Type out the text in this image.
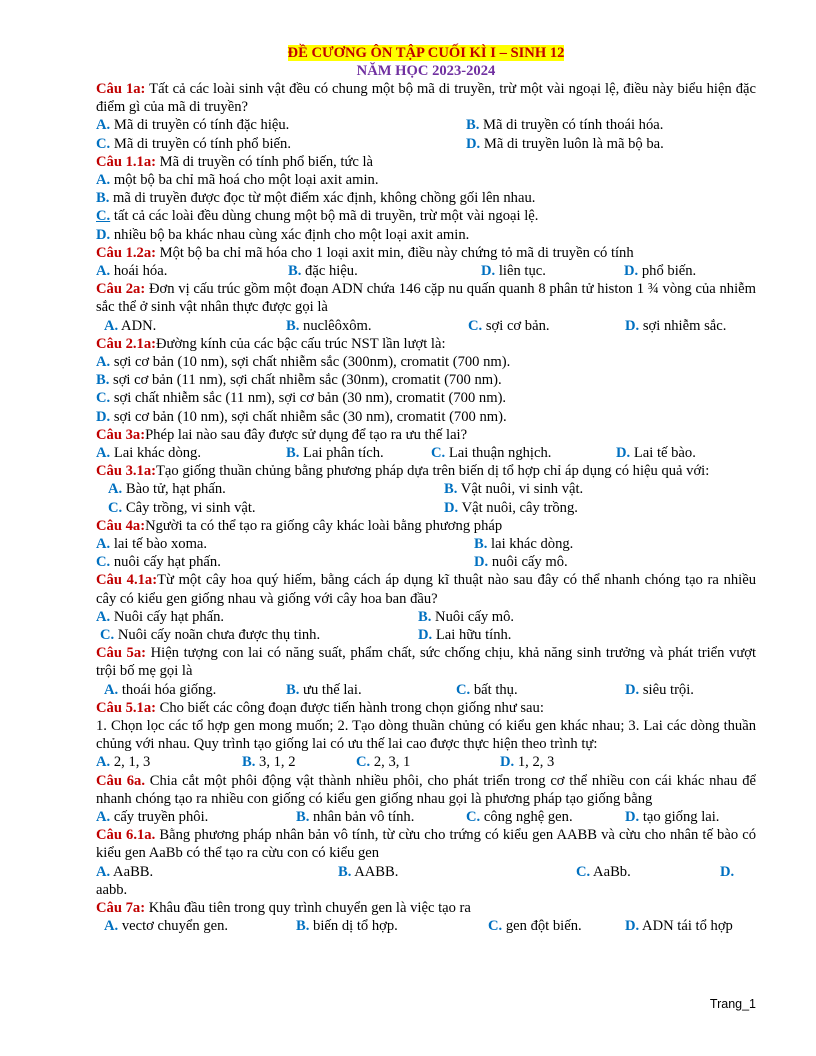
ĐỀ CƯƠNG ÔN TẬP CUỐI KÌ I – SINH 12
NĂM HỌC 2023-2024
Câu 1a: Tất cả các loài sinh vật đều có chung một bộ mã di truyền, trừ một vài ngoại lệ, điều này biểu hiện đặc điểm gì của mã di truyền?
A. Mã di truyền có tính đặc hiệu.	B. Mã di truyền có tính thoái hóa.
C. Mã di truyền có tính phổ biến.	D. Mã di truyền luôn là mã bộ ba.
Câu 1.1a: Mã di truyền có tính phổ biến, tức là
A. một bộ ba chỉ mã hoá cho một loại axit amin.
B. mã di truyền được đọc từ một điểm xác định, không chồng gối lên nhau.
C. tất cả các loài đều dùng chung một bộ mã di truyền, trừ một vài ngoại lệ.
D. nhiều bộ ba khác nhau cùng xác định cho một loại axit amin.
Câu 1.2a: Một bộ ba chỉ mã hóa cho 1 loại axit min, điều này chứng tỏ mã di truyền có tính
A. hoái hóa.	B. đặc hiệu.	D. liên tục.	D. phổ biến.
Câu 2a: Đơn vị cấu trúc gồm một đoạn ADN chứa 146 cặp nu quấn quanh 8 phân tử histon 1 ¾ vòng của nhiễm sắc thể ở sinh vật nhân thực được gọi là
A. ADN.	B. nuclêôxôm.	C. sợi cơ bản.	D. sợi nhiễm sắc.
Câu 2.1a:Đường kính của các bậc cấu trúc NST lần lượt là:
A. sợi cơ bản (10 nm), sợi chất nhiễm sắc (300nm), cromatit (700 nm).
B. sợi cơ bản (11 nm), sợi chất nhiễm sắc (30nm), cromatit (700 nm).
C. sợi chất nhiễm sắc (11 nm), sợi cơ bản (30 nm), cromatit (700 nm).
D. sợi cơ bản (10 nm), sợi chất nhiễm sắc (30 nm), cromatit (700 nm).
Câu 3a:Phép lai nào sau đây được sử dụng để tạo ra ưu thế lai?
A. Lai khác dòng.	B. Lai phân tích.	C. Lai thuận nghịch.	D. Lai tế bào.
Câu 3.1a:Tạo giống thuần chủng bằng phương pháp dựa trên biến dị tổ hợp chỉ áp dụng có hiệu quả với:
A. Bào tử, hạt phấn.	B. Vật nuôi, vi sinh vật.
C. Cây trồng, vi sinh vật.	D. Vật nuôi, cây trồng.
Câu 4a:Người ta có thể tạo ra giống cây khác loài bằng phương pháp
A. lai tế bào xoma.	B. lai khác dòng.
C. nuôi cấy hạt phấn.	D. nuôi cấy mô.
Câu 4.1a:Từ một cây hoa quý hiếm, bằng cách áp dụng kĩ thuật nào sau đây có thể nhanh chóng tạo ra nhiều cây có kiểu gen giống nhau và giống với cây hoa ban đầu?
A. Nuôi cấy hạt phấn.	B. Nuôi cấy mô.
C. Nuôi cấy noãn chưa được thụ tinh.	D. Lai hữu tính.
Câu 5a: Hiện tượng con lai có năng suất, phẩm chất, sức chống chịu, khả năng sinh trưởng và phát triển vượt trội bố mẹ gọi là
A. thoái hóa giống.	B. ưu thế lai.	C. bất thụ.	D. siêu trội.
Câu 5.1a: Cho biết các công đoạn được tiến hành trong chọn giống như sau:
1. Chọn lọc các tổ hợp gen mong muốn; 2. Tạo dòng thuần chủng có kiểu gen khác nhau; 3. Lai các dòng thuần chủng với nhau. Quy trình tạo giống lai có ưu thế lai cao được thực hiện theo trình tự:
A. 2, 1, 3	B. 3, 1, 2	C. 2, 3, 1	D. 1, 2, 3
Câu 6a. Chia cắt một phôi động vật thành nhiều phôi, cho phát triển trong cơ thể nhiều con cái khác nhau để nhanh chóng tạo ra nhiều con giống có kiểu gen giống nhau gọi là phương pháp tạo giống bằng
A. cấy truyền phôi.	B. nhân bản vô tính.	C. công nghệ gen.	D. tạo giống lai.
Câu 6.1a. Bằng phương pháp nhân bản vô tính, từ cừu cho trứng có kiểu gen AABB và cừu cho nhân tế bào có kiểu gen AaBb có thể tạo ra cừu con có kiểu gen
A. AaBB.	B. AABB.	C. AaBb.	D.
aabb.
Câu 7a: Khâu đầu tiên trong quy trình chuyển gen là việc tạo ra
A. vectơ chuyển gen.	B. biến dị tổ hợp.	C. gen đột biến.	D. ADN tái tổ hợp
Trang_1
